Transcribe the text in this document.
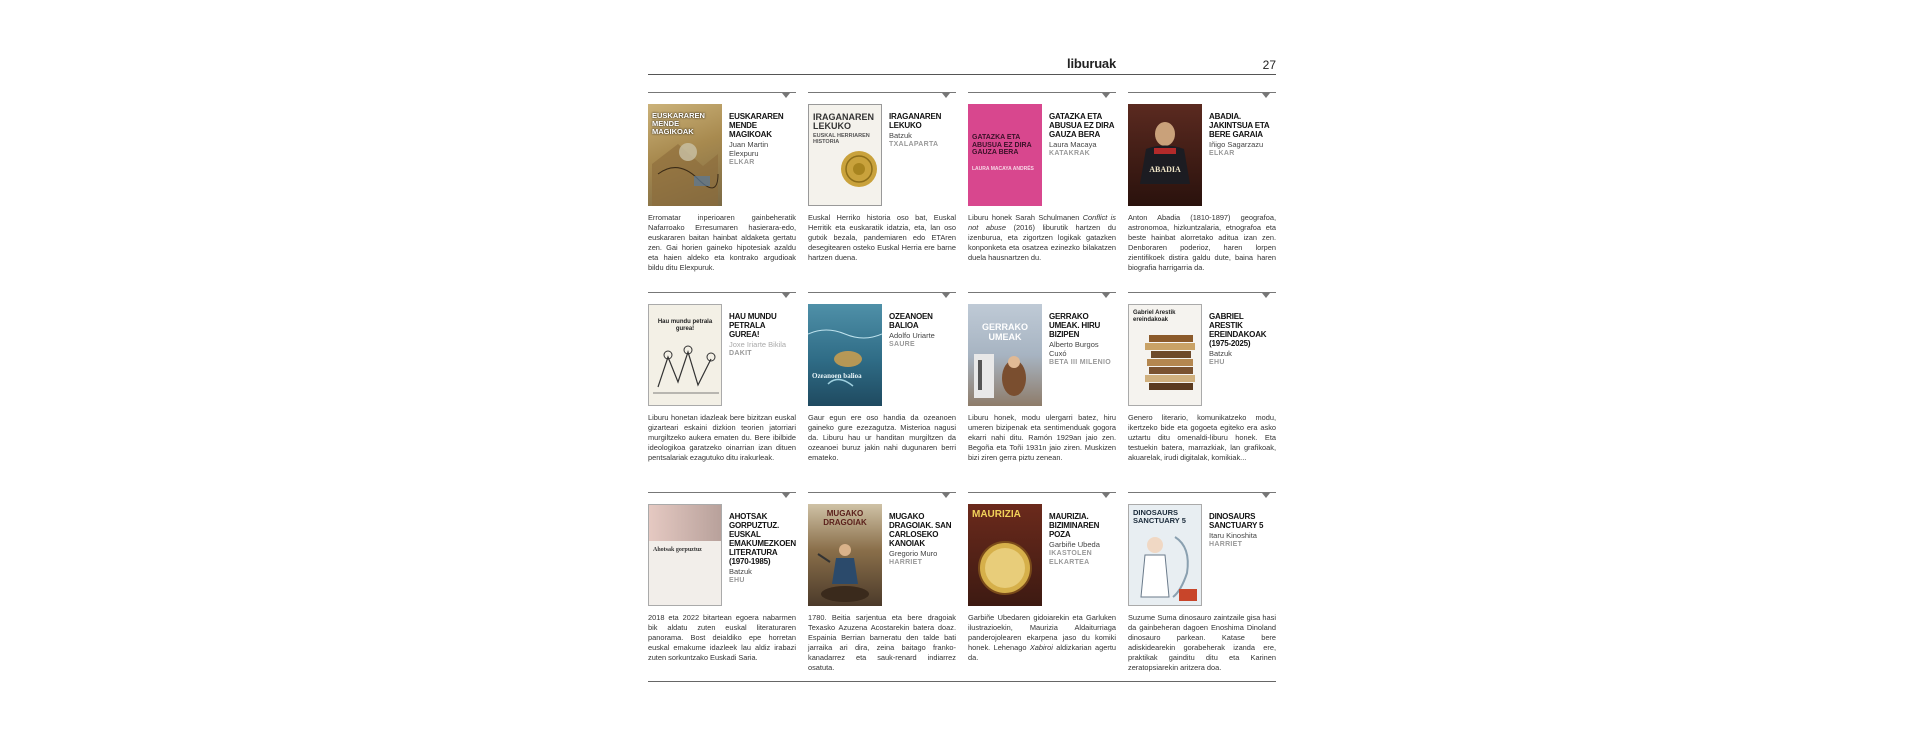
liburuak	27
EUSKARAREN MENDE MAGIKOAK
EUSKARAREN MENDE MAGIKOAK
Juan Martin Elexpuru
ELKAR
Erromatar inperioaren gainbeheratik Nafarroako Erresumaren hasierara-edo, euskararen baitan hainbat aldaketa gertatu zen. Gai horien gaineko hipotesiak azaldu eta haien aldeko eta kontrako argudioak bildu ditu Elexpuruk.
IRAGANAREN LEKUKO
EUSKAL HERRIAREN HISTORIA
IRAGANAREN LEKUKO
Batzuk
TXALAPARTA
Euskal Herriko historia oso bat, Euskal Herritik eta euskaratik idatzia, eta, lan oso gutxik bezala, pandemiaren edo ETAren desegitearen osteko Euskal Herria ere barne hartzen duena.
GATAZKA ETA ABUSUA EZ DIRA GAUZA BERA
LAURA MACAYA ANDRÉS
GATAZKA ETA ABUSUA EZ DIRA GAUZA BERA
Laura Macaya
KATAKRAK
Liburu honek Sarah Schulmanen Conflict is not abuse (2016) liburutik hartzen du izenburua, eta zigortzen logikak gatazken konponketa eta osatzea ezinezko bilakatzen duela hausnartzen du.
ABADIA
ABADIA. JAKINTSUA ETA BERE GARAIA
Iñigo Sagarzazu
ELKAR
Anton Abadia (1810-1897) geografoa, astronomoa, hizkuntzalaria, etnografoa eta beste hainbat alorretako aditua izan zen. Denboraren poderioz, haren lorpen zientifikoek distira galdu dute, baina haren biografia harrigarria da.
Hau mundu petrala gurea!
HAU MUNDU PETRALA GUREA!
Joxe Iriarte Bikila
DAKIT
Liburu honetan idazleak bere bizitzan euskal gizarteari eskaini dizkion teorien jatorriari murgiltzeko aukera ematen du. Bere ibilbide ideologikoa garatzeko oinarrian izan dituen pentsalariak ezagutuko ditu irakurleak.
Ozeanoen balioa
OZEANOEN BALIOA
Adolfo Uriarte
SAURE
Gaur egun ere oso handia da ozeanoen gaineko gure ezezagutza. Misterioa nagusi da. Liburu hau ur handitan murgiltzen da ozeanoei buruz jakin nahi dugunaren berri emateko.
GERRAKO UMEAK
GERRAKO UMEAK. HIRU BIZIPEN
Alberto Burgos Cuxó
BETA III MILENIO
Liburu honek, modu ulergarri batez, hiru umeren bizipenak eta sentimenduak gogora ekarri nahi ditu. Ramón 1929an jaio zen. Begoña eta Toñi 1931n jaio ziren. Muskizen bizi ziren gerra piztu zenean.
Gabriel Arestik ereindakoak	GABRIEL ARESTIK EREINDAKOAK (1975-2025)
Batzuk
EHU
Genero literario, komunikatzeko modu, ikertzeko bide eta gogoeta egiteko era asko uztartu ditu omenaldi-liburu honek. Eta testuekin batera, marrazkiak, lan grafikoak, akuarelak, irudi digitalak, komikiak...
Ahotsak gorpuztuz
AHOTSAK GORPUZTUZ. EUSKAL EMAKUMEZKOEN LITERATURA (1970-1985)
Batzuk
EHU
2018 eta 2022 bitartean egoera nabarmen bik aldatu zuten euskal literaturaren panorama. Bost deialdiko epe horretan euskal emakume idazleek lau aldiz irabazi zuten sorkuntzako Euskadi Saria.
MUGAKO DRAGOIAK
MUGAKO DRAGOIAK. SAN CARLOSEKO KANOIAK
Gregorio Muro
HARRIET
1780. Beitia sarjentua eta bere dragoiak Texasko Azuzena Acostarekin batera doaz. Espainia Berrian barneratu den talde bati jarraika ari dira, zeina baitago franko-kanadarrez eta sauk-renard indiarrez osatuta.
MAURIZIA	MAURIZIA. BIZIMINAREN POZA
Garbiñe Ubeda
IKASTOLEN ELKARTEA
Garbiñe Ubedaren gidoiarekin eta Garluken ilustrazioekin, Maurizia Aldaiturriaga panderojolearen ekarpena jaso du komiki honek. Lehenago Xabiroi aldizkarian agertu da.
DINOSAURS SANCTUARY 5	DINOSAURS SANCTUARY 5
Itaru Kinoshita
HARRIET
Suzume Suma dinosauro zaintzaile gisa hasi da gainbeheran dagoen Enoshima Dinoland dinosauro parkean. Katase bere adiskidearekin gorabeherak izanda ere, praktikak gainditu ditu eta Karinen zeratopsiarekin aritzera doa.
